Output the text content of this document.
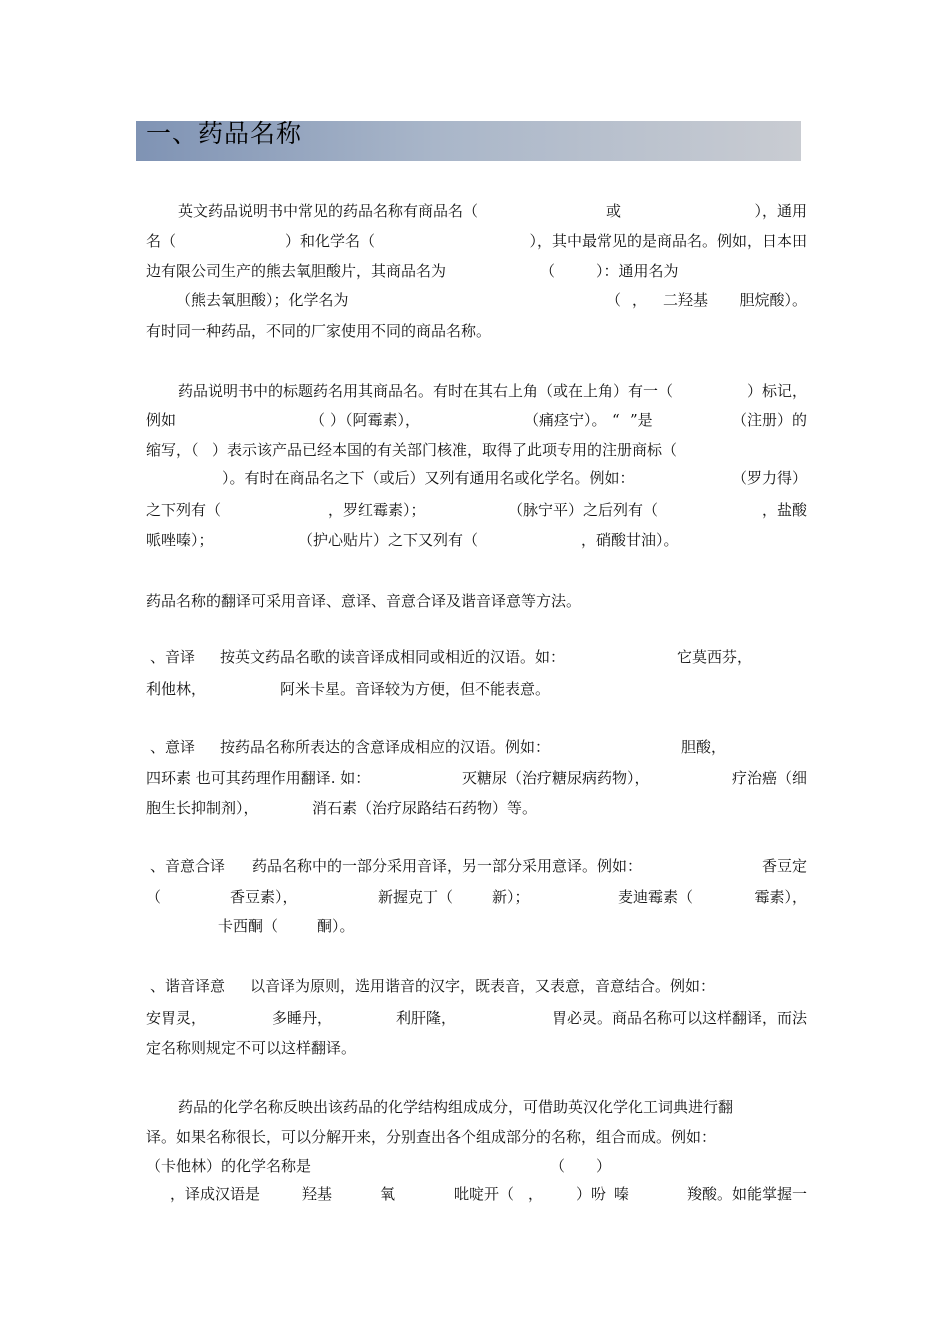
一、药品名称
英文药品说明书中常见的药品名称有商品名（	或	），通用
名（	）和化学名（	），其中最常见的是商品名。例如，日本田
边有限公司生产的熊去氧胆酸片，其商品名为	（	）：通用名为
（熊去氧胆酸）；化学名为	（ ， 二羟基 胆烷酸）。
有时同一种药品，不同的厂家使用不同的商品名称。
药品说明书中的标题药名用其商品名。有时在其右上角（或在上角）有一（	）标记，
例如	（ ）（阿霉素），	（痛痉宁）。 “ ”是	（注册）的
缩写，（ ）表示该产品已经本国的有关部门核准，取得了此项专用的注册商标（
）。有时在商品名之下（或后）又列有通用名或化学名。例如：	（罗力得）
之下列有（	，罗红霉素）；	（脉宁平）之后列有（	，盐酸
哌唑嗪）；	（护心贴片）之下又列有（	，硝酸甘油）。
药品名称的翻译可采用音译、意译、音意合译及谐音译意等方法。
、音译 按英文药品名歌的读音译成相同或相近的汉语。如：	它莫西芬，
利他林，	阿米卡星。音译较为方便，但不能表意。
、意译 按药品名称所表达的含意译成相应的汉语。例如：	胆酸，
四环素 也可其药理作用翻译. 如：	灭糖尿（治疗糖尿病药物），	疗治癌（细
胞生长抑制剂），	消石素（治疗尿路结石药物）等。
、音意合译 药品名称中的一部分采用音译，另一部分采用意译。例如：	香豆定
（	香豆素），	新握克丁（	新）；	麦迪霉素（	霉素），
卡西酮（	酮）。
、谐音译意 以音译为原则，选用谐音的汉字，既表音，又表意，音意结合。例如：
安胃灵，	多睡丹，	利肝隆，	胃必灵。商品名称可以这样翻译，而法
定名称则规定不可以这样翻译。
药品的化学名称反映出该药品的化学结构组成成分，可借助英汉化学化工词典进行翻
译。如果名称很长，可以分解开来，分别查出各个组成部分的名称，组合而成。例如：
（卡他林）的化学名称是	（ ）
，译成汉语是	羟基	氧	吡啶开（ ， ）吩 嗪	羧酸。如能掌握一
